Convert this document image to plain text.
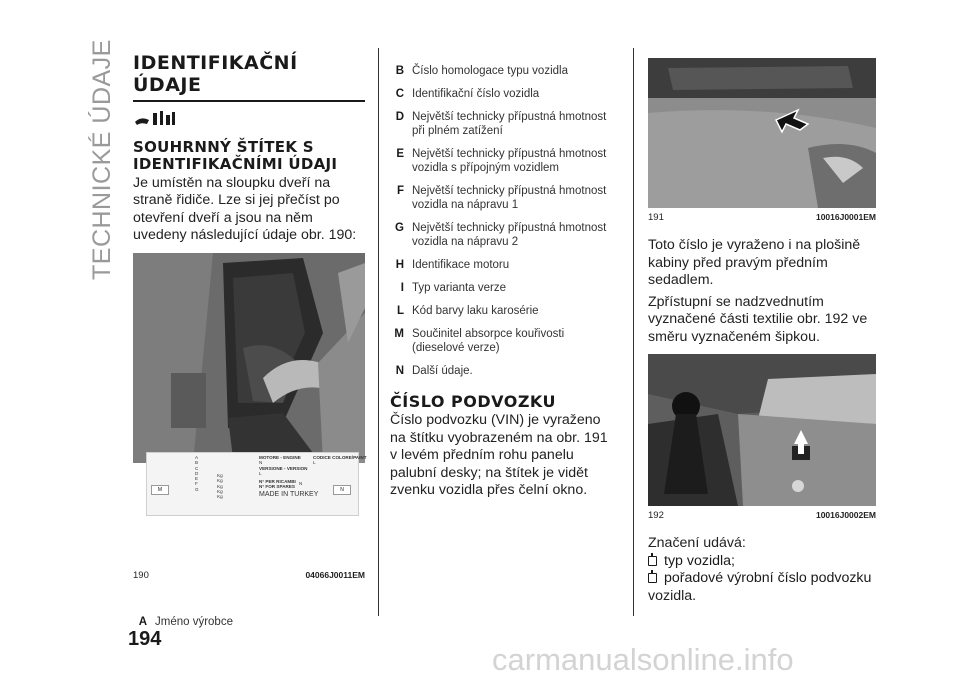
TECHNICKÉ ÚDAJE IDENTIFIKAČNÍ ÚDAJE
SOUHRNNÝ ŠTÍTEK S IDENTIFIKAČNÍMI ÚDAJI
Je umístěn na sloupku dveří na straně řidiče. Lze si jej přečíst po otevření dveří a jsou na něm uvedeny následující údaje obr. 190:
190	04066J0011EM
A Jméno výrobce
A
B
C
D
E
F
G
Kg
Kg
Kg
Kg
Kg
MOTORE - ENGINE
N
VERSIONE - VERSION
L
N° PER RICAMBI
N° FOR SPARES
MADE IN TURKEY
CODICE COLORE/PAINT
L
N
M	N
194
B Číslo homologace typu vozidla
C Identifikační číslo vozidla
D Největší technicky přípustná hmotnost při plném zatížení
E Největší technicky přípustná hmotnost vozidla s přípojným vozidlem
F Největší technicky přípustná hmotnost vozidla na nápravu 1
G Největší technicky přípustná hmotnost vozidla na nápravu 2
H Identifikace motoru
I Typ varianta verze
L Kód barvy laku karosérie
M Součinitel absorpce kouřivosti (dieselové verze)
N Další údaje.
ČÍSLO PODVOZKU
Číslo podvozku (VIN) je vyraženo na štítku vyobrazeném na obr. 191 v levém předním rohu panelu palubní desky; na štítek je vidět zvenku vozidla přes čelní okno.
191	10016J0001EM
Toto číslo je vyraženo i na plošině kabiny před pravým předním sedadlem.
Zpřístupní se nadzvednutím vyznačené části textilie obr. 192 ve směru vyznačeném šipkou.
192	10016J0002EM
Značení udává:
typ vozidla;
pořadové výrobní číslo podvozku
vozidla.
carmanualsonline.info
